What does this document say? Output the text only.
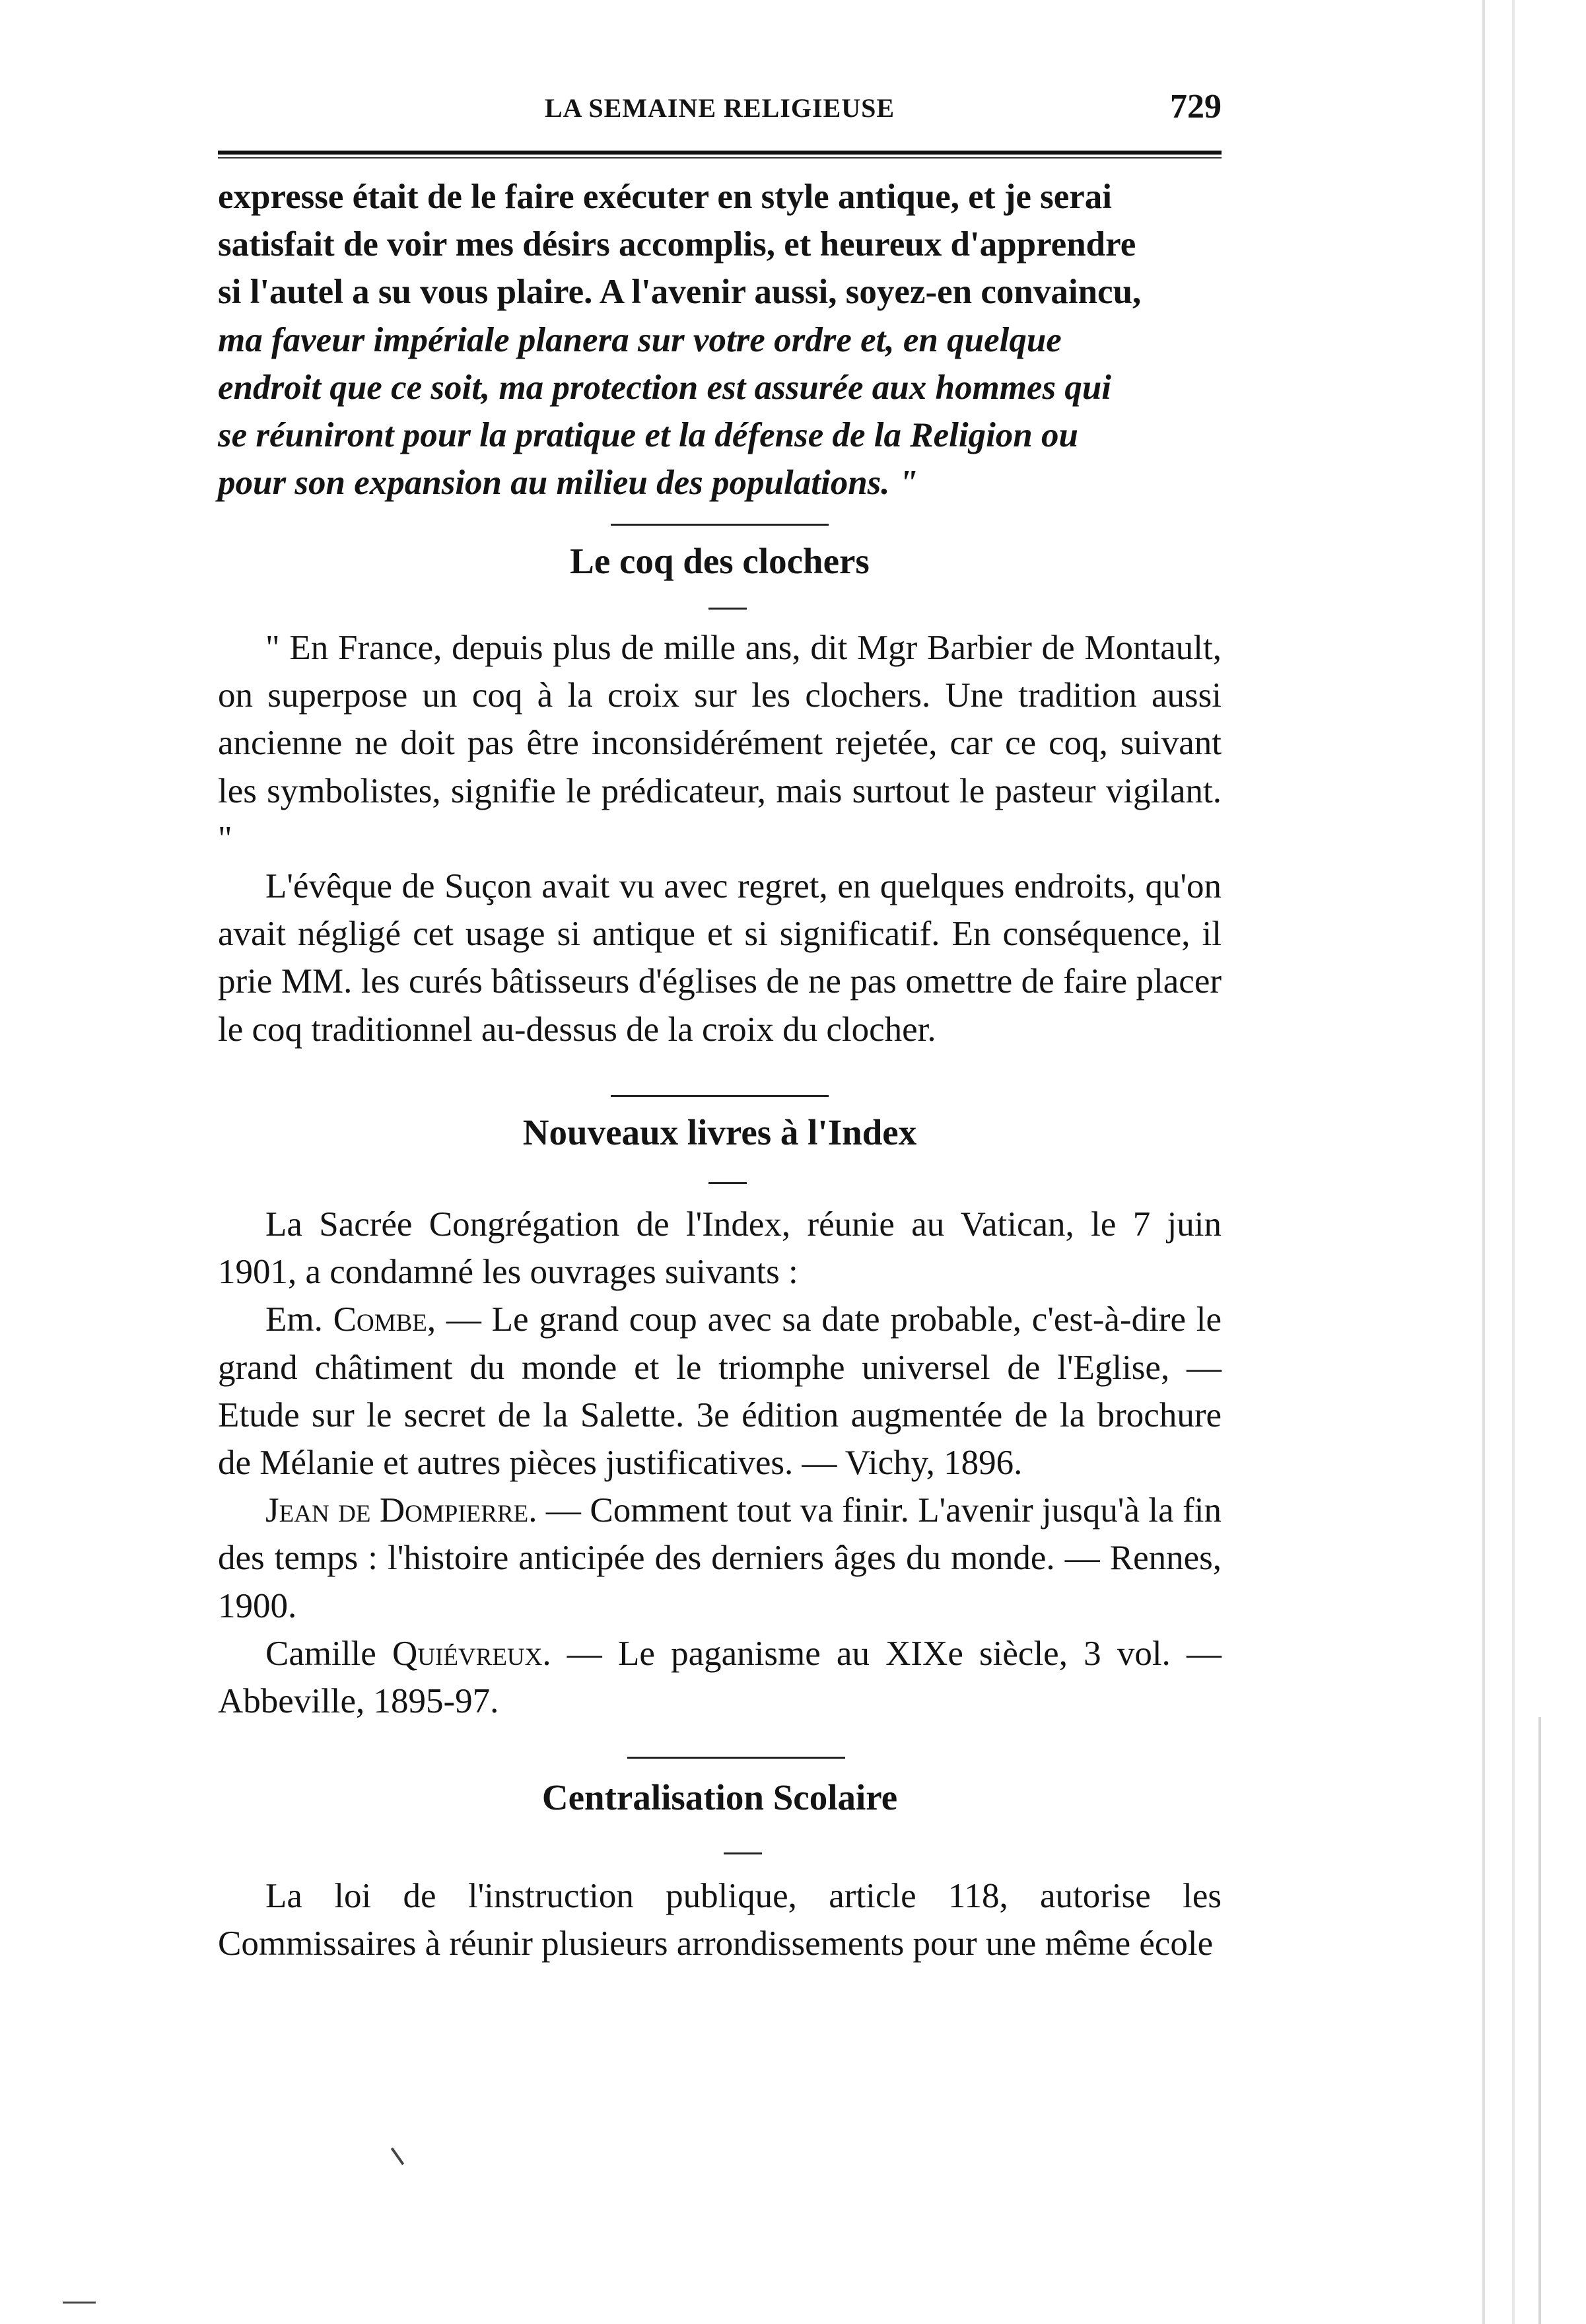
LA SEMAINE RELIGIEUSE	729

expresse était de le faire exécuter en style antique, et je serai

satisfait de voir mes désirs accomplis, et heureux d'apprendre

si l'autel a su vous plaire. A l'avenir aussi, soyez-en convaincu,

ma faveur impériale planera sur votre ordre et, en quelque

endroit que ce soit, ma protection est assurée aux hommes qui

se réuniront pour la pratique et la défense de la Religion ou

pour son expansion au milieu des populations. "

Le coq des clochers

" En France, depuis plus de mille ans, dit Mgr Barbier de Montault, on superpose un coq à la croix sur les clochers. Une tradition aussi ancienne ne doit pas être inconsidérément rejetée, car ce coq, suivant les symbolistes, signifie le prédicateur, mais surtout le pasteur vigilant. "

L'évêque de Suçon avait vu avec regret, en quelques endroits, qu'on avait négligé cet usage si antique et si significatif. En conséquence, il prie MM. les curés bâtisseurs d'églises de ne pas omettre de faire placer le coq traditionnel au-dessus de la croix du clocher.

Nouveaux livres à l'Index

La Sacrée Congrégation de l'Index, réunie au Vatican, le 7 juin 1901, a condamné les ouvrages suivants :

Em. Combe, — Le grand coup avec sa date probable, c'est-à-dire le grand châtiment du monde et le triomphe universel de l'Eglise, — Etude sur le secret de la Salette. 3e édition augmentée de la brochure de Mélanie et autres pièces justificatives. — Vichy, 1896.

Jean de Dompierre. — Comment tout va finir. L'avenir jusqu'à la fin des temps : l'histoire anticipée des derniers âges du monde. — Rennes, 1900.

Camille Quiévreux. — Le paganisme au XIXe siècle, 3 vol. — Abbeville, 1895-97.

Centralisation Scolaire

La loi de l'instruction publique, article 118, autorise les Commissaires à réunir plusieurs arrondissements pour une même école
